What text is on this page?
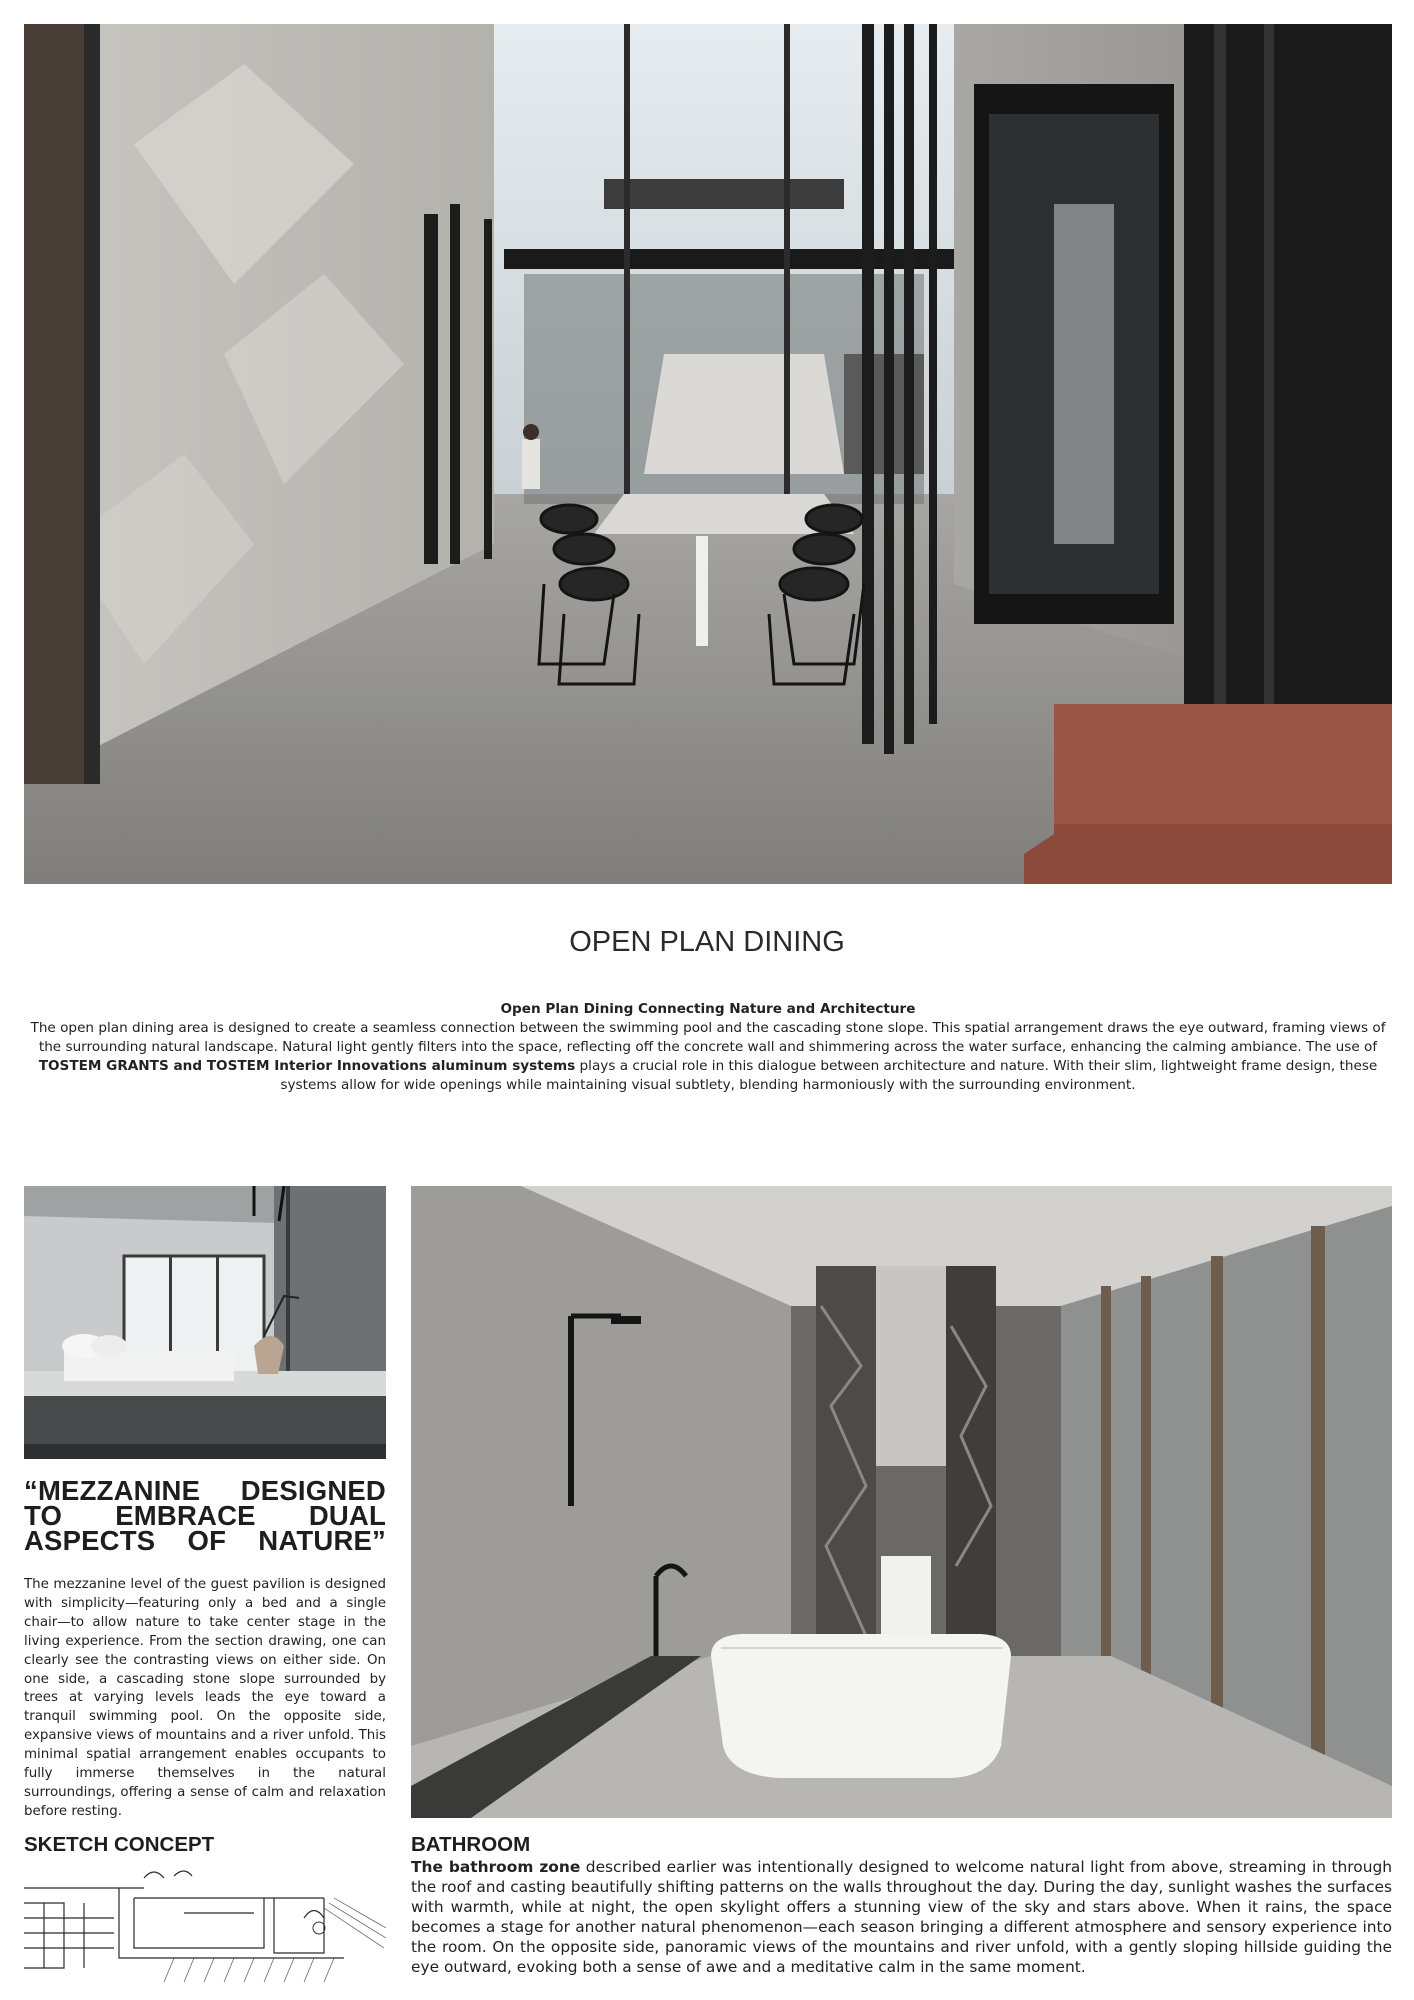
OPEN PLAN DINING
Open Plan Dining Connecting Nature and Architecture
The open plan dining area is designed to create a seamless connection between the swimming pool and the cascading stone slope. This spatial arrangement draws the eye outward, framing views of the surrounding natural landscape. Natural light gently filters into the space, reflecting off the concrete wall and shimmering across the water surface, enhancing the calming ambiance. The use of TOSTEM GRANTS and TOSTEM Interior Innovations aluminum systems plays a crucial role in this dialogue between architecture and nature. With their slim, lightweight frame design, these systems allow for wide openings while maintaining visual subtlety, blending harmoniously with the surrounding environment.
“MEZZANINE DESIGNED TO EMBRACE DUAL ASPECTS OF NATURE”
The mezzanine level of the guest pavilion is designed with simplicity—featuring only a bed and a single chair—to allow nature to take center stage in the living experience. From the section drawing, one can clearly see the contrasting views on either side. On one side, a cascading stone slope surrounded by trees at varying levels leads the eye toward a tranquil swimming pool. On the opposite side, expansive views of mountains and a river unfold. This minimal spatial arrangement enables occupants to fully immerse themselves in the natural surroundings, offering a sense of calm and relaxation before resting.
SKETCH CONCEPT	BATHROOM
The bathroom zone described earlier was intentionally designed to welcome natural light from above, streaming in through the roof and casting beautifully shifting patterns on the walls throughout the day. During the day, sunlight washes the surfaces with warmth, while at night, the open skylight offers a stunning view of the sky and stars above. When it rains, the space becomes a stage for another natural phenomenon—each season bringing a different atmosphere and sensory experience into the room. On the opposite side, panoramic views of the mountains and river unfold, with a gently sloping hillside guiding the eye outward, evoking both a sense of awe and a meditative calm in the same moment.
